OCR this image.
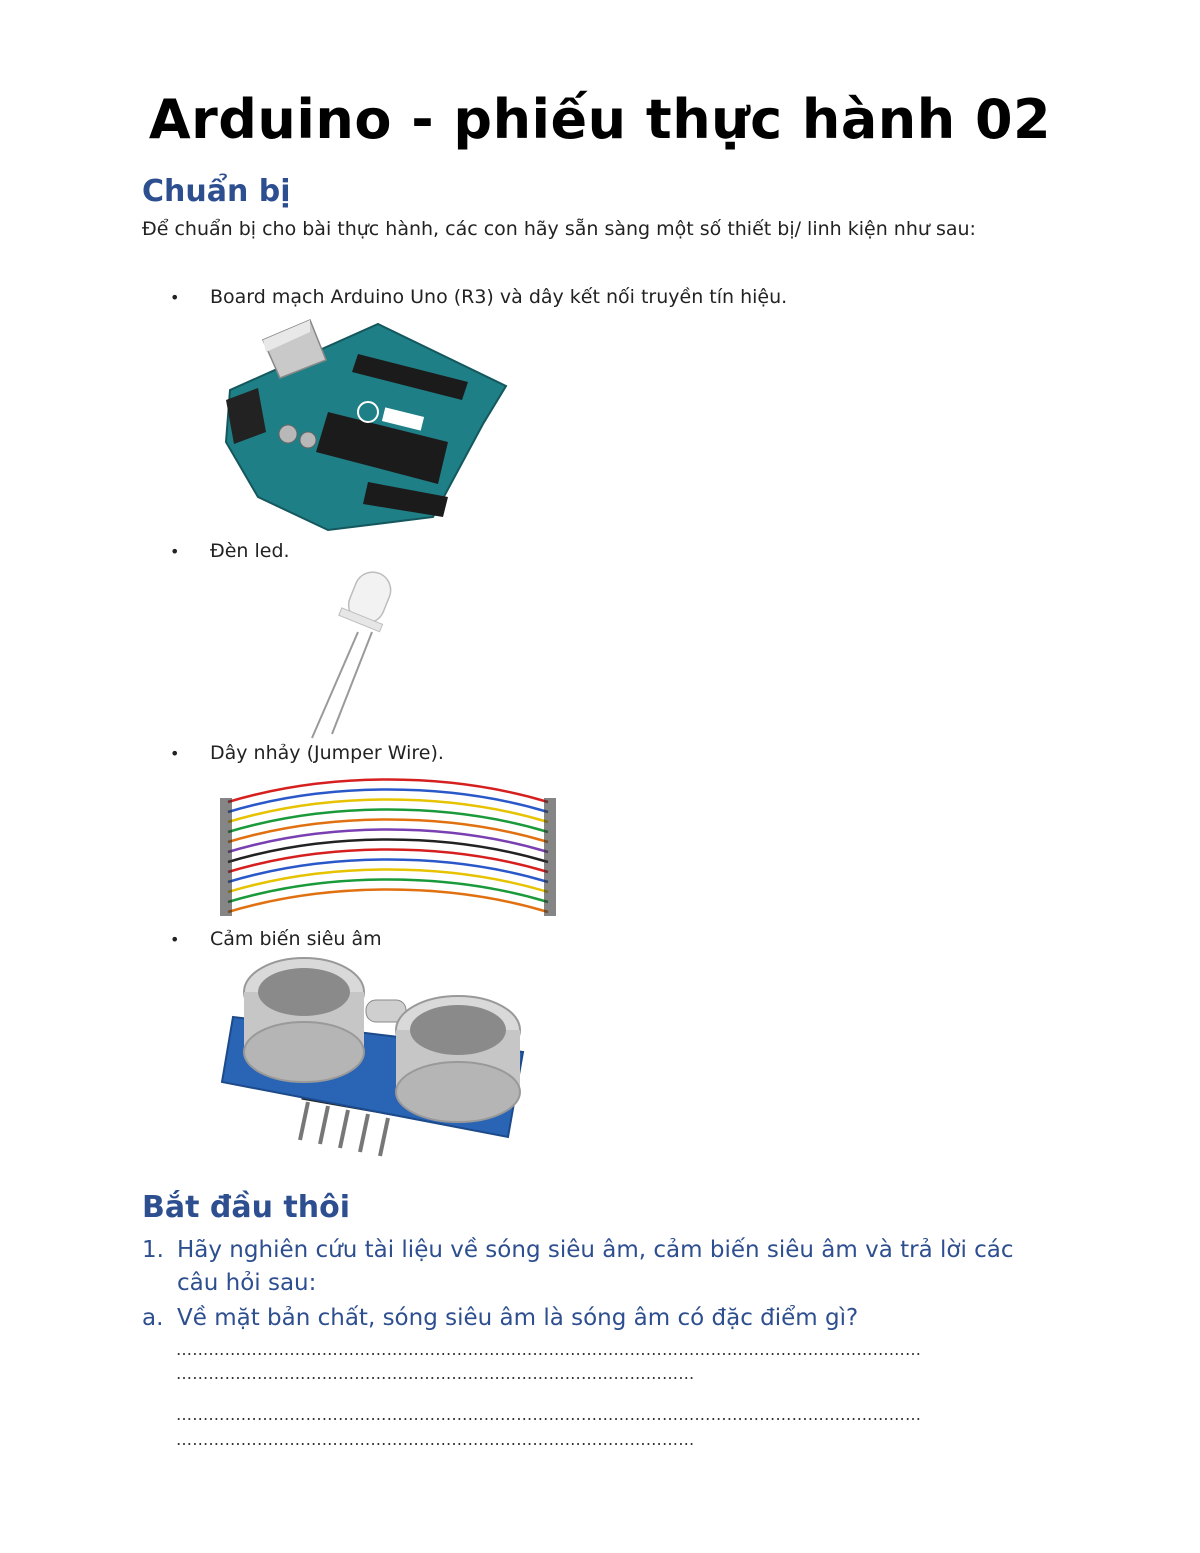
Arduino - phiếu thực hành 02
Chuẩn bị
Để chuẩn bị cho bài thực hành, các con hãy sẵn sàng một số thiết bị/ linh kiện như sau:
• Board mạch Arduino Uno (R3) và dây kết nối truyền tín hiệu.
• Đèn led.
• Dây nhảy (Jumper Wire).
• Cảm biến siêu âm
Bắt đầu thôi
1. Hãy nghiên cứu tài liệu về sóng siêu âm, cảm biến siêu âm và trả lời các câu hỏi sau:
a. Về mặt bản chất, sóng siêu âm là sóng âm có đặc điểm gì?
…………………………………………………………………………………………………………………………
……………………………………………………………………………………
…………………………………………………………………………………………………………………………
……………………………………………………………………………………
